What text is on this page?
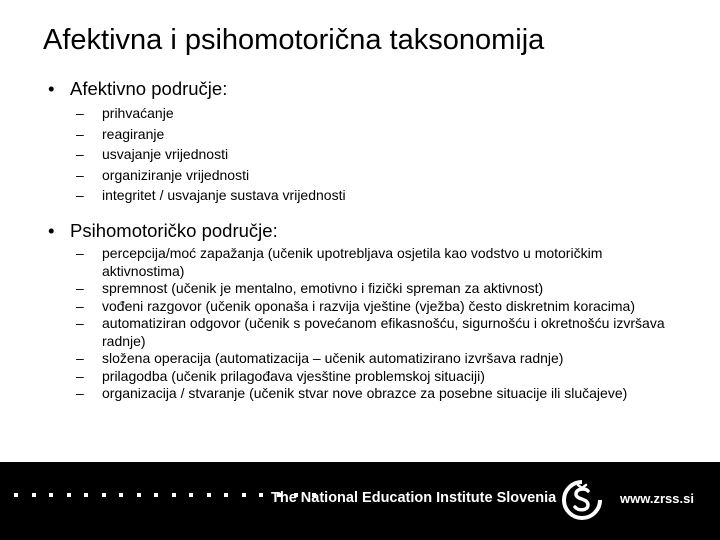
Afektivna i psihomotorična taksonomija
• Afektivno područje:
– prihvaćanje
– reagiranje
– usvajanje vrijednosti
– organiziranje vrijednosti
– integritet / usvajanje sustava vrijednosti
• Psihomotoričko područje:
– percepcija/moć zapažanja (učenik upotrebljava osjetila kao vodstvo u motoričkim aktivnostima)
– spremnost (učenik je mentalno, emotivno i fizički spreman za aktivnost)
– vođeni razgovor (učenik oponaša i razvija vještine (vježba) često diskretnim koracima)
– automatiziran odgovor (učenik s povećanom efikasnošću, sigurnošću i okretnošću izvršava radnje)
– složena operacija (automatizacija – učenik automatizirano izvršava radnje)
– prilagodba (učenik prilagođava vjesštine problemskoj situaciji)
– organizacija / stvaranje (učenik stvar nove obrazce za posebne situacije ili slučajeve)
The National Education Institute Slovenia	www.zrss.si
